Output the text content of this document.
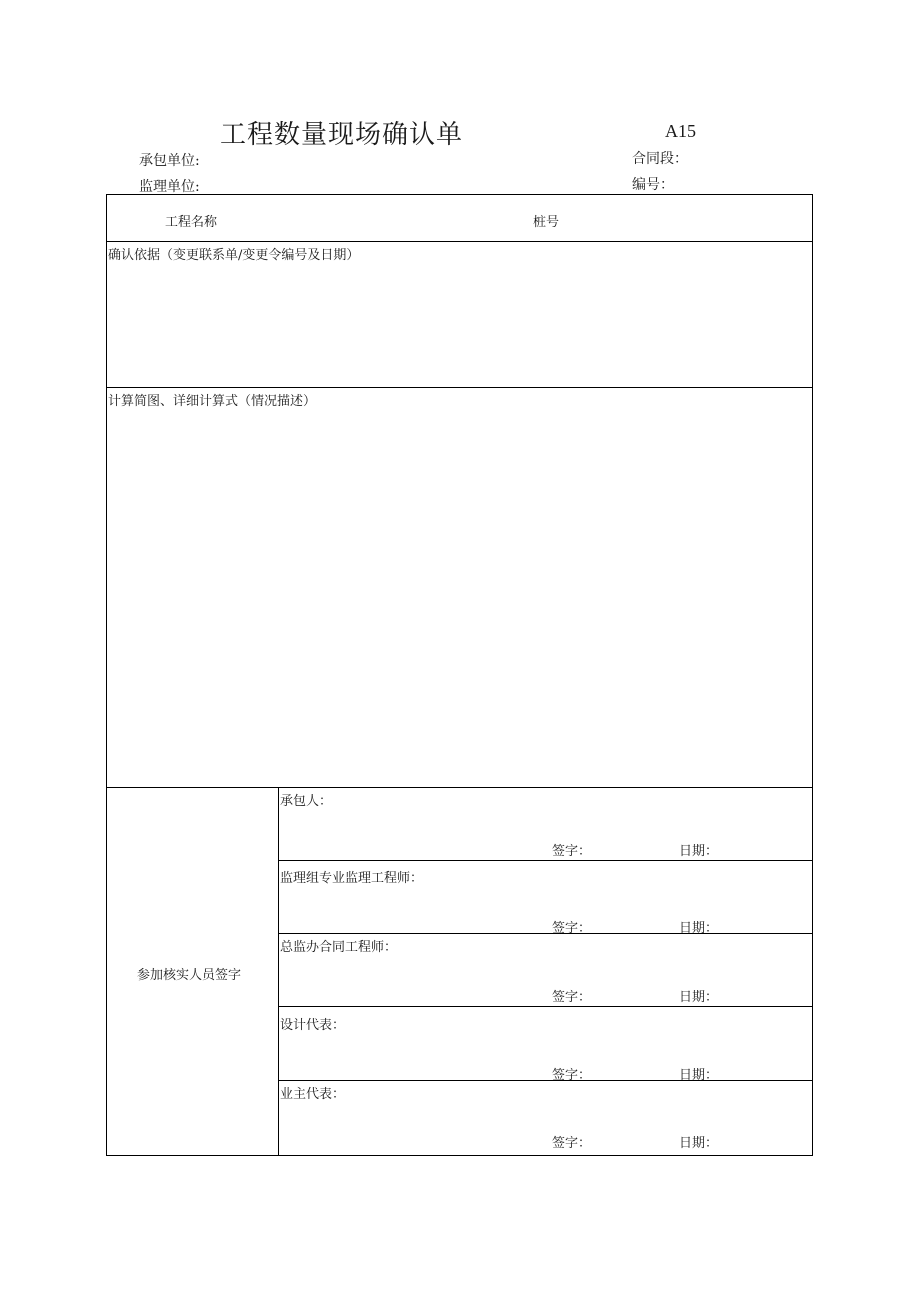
工程数量现场确认单	A15
承包单位:	合同段：
监理单位:	编号：
工程名称	桩号
确认依据（变更联系单/变更令编号及日期）
计算简图、详细计算式（情况描述）
参加核实人员签字
承包人：
签字：	日期：
监理组专业监理工程师：
签字：	日期：
总监办合同工程师：
签字：	日期：
设计代表：
签字：	日期：
业主代表：
签字：	日期：
